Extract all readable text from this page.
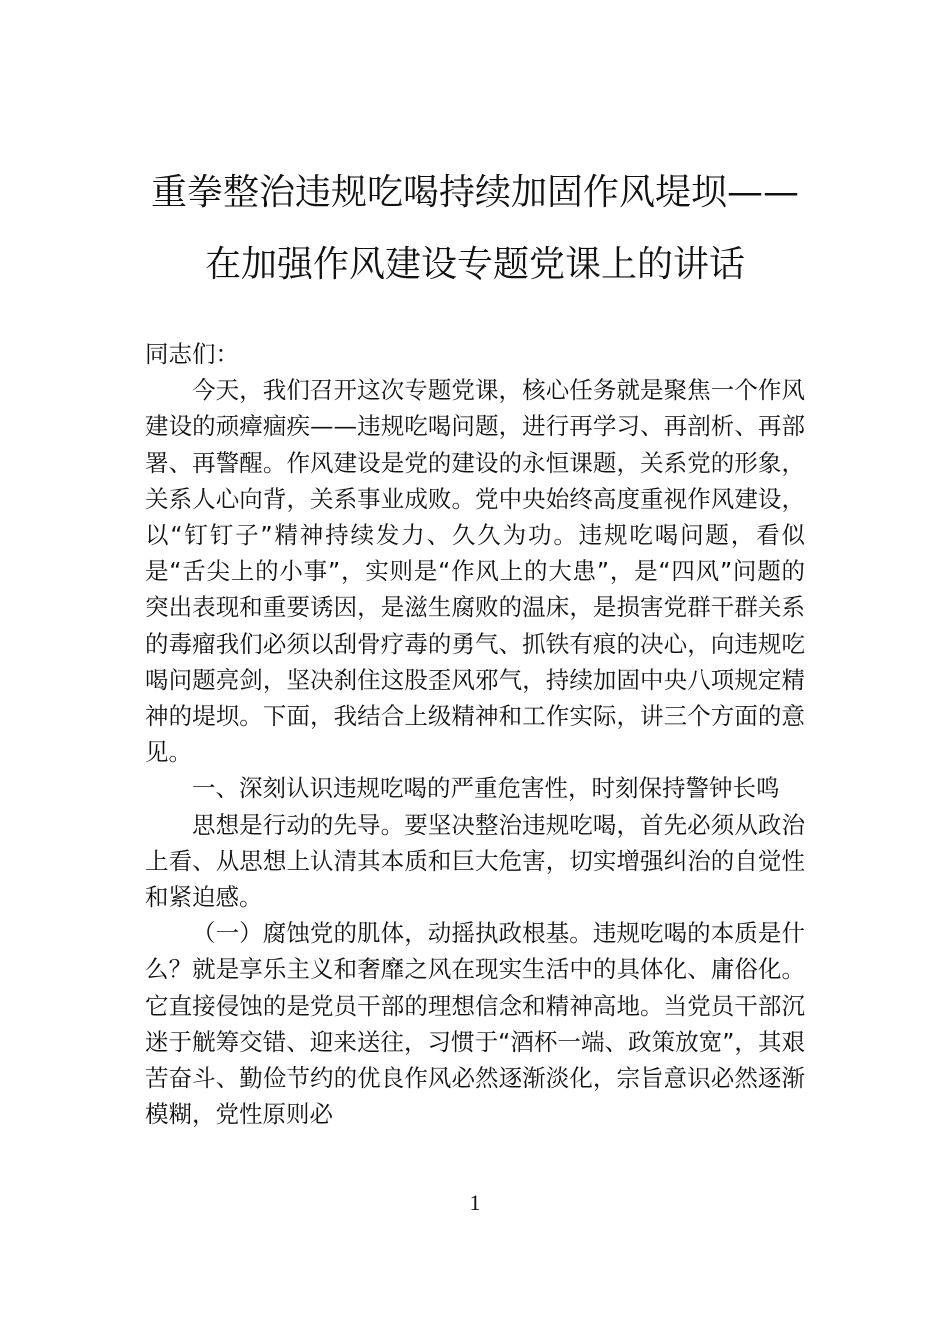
重拳整治违规吃喝持续加固作风堤坝——
在加强作风建设专题党课上的讲话

同志们：

今天，我们召开这次专题党课，核心任务就是聚焦一个作风建设的顽瘴痼疾——违规吃喝问题，进行再学习、再剖析、再部署、再警醒。作风建设是党的建设的永恒课题，关系党的形象，关系人心向背，关系事业成败。党中央始终高度重视作风建设，以“钉钉子”精神持续发力、久久为功。违规吃喝问题，看似是“舌尖上的小事”，实则是“作风上的大患”，是“四风”问题的突出表现和重要诱因，是滋生腐败的温床，是损害党群干群关系的毒瘤我们必须以刮骨疗毒的勇气、抓铁有痕的决心，向违规吃喝问题亮剑，坚决刹住这股歪风邪气，持续加固中央八项规定精神的堤坝。下面，我结合上级精神和工作实际，讲三个方面的意见。

一、深刻认识违规吃喝的严重危害性，时刻保持警钟长鸣

思想是行动的先导。要坚决整治违规吃喝，首先必须从政治上看、从思想上认清其本质和巨大危害，切实增强纠治的自觉性和紧迫感。

（一）腐蚀党的肌体，动摇执政根基。违规吃喝的本质是什么？就是享乐主义和奢靡之风在现实生活中的具体化、庸俗化。它直接侵蚀的是党员干部的理想信念和精神高地。当党员干部沉迷于觥筹交错、迎来送往，习惯于“酒杯一端、政策放宽”，其艰苦奋斗、勤俭节约的优良作风必然逐渐淡化，宗旨意识必然逐渐模糊，党性原则必

1
